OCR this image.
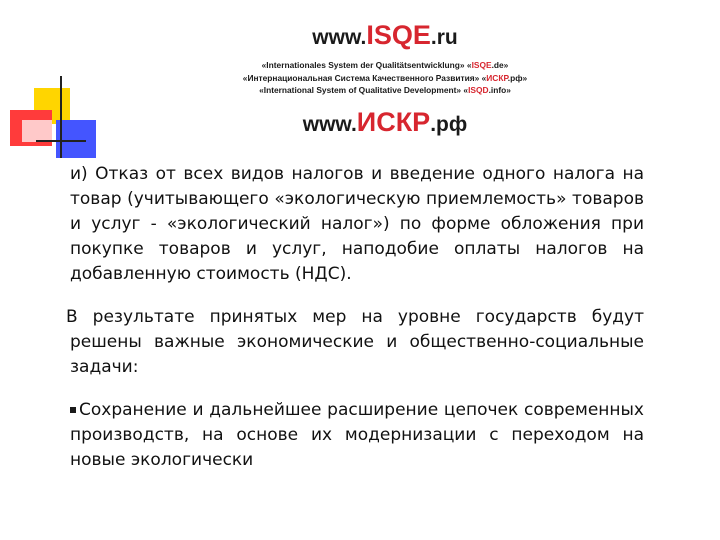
www.ISQE.ru
«Internationales System der Qualitätsentwicklung» «ISQE.de»
«Интернациональная Система Качественного Развития» «ИСКР.рф»
«International System of Qualitative Development» «ISQD.info»
www.ИСКР.рф

и) Отказ от всех видов налогов и введение одного налога на товар (учитывающего «экологическую приемлемость» товаров и услуг - «экологический налог») по форме обложения при покупке товаров и услуг, наподобие оплаты налогов на добавленную стоимость (НДС).

В результате принятых мер на уровне государств будут решены важные экономические и общественно-социальные задачи:

Сохранение и дальнейшее расширение цепочек современных производств, на основе их модернизации с переходом на новые экологически
